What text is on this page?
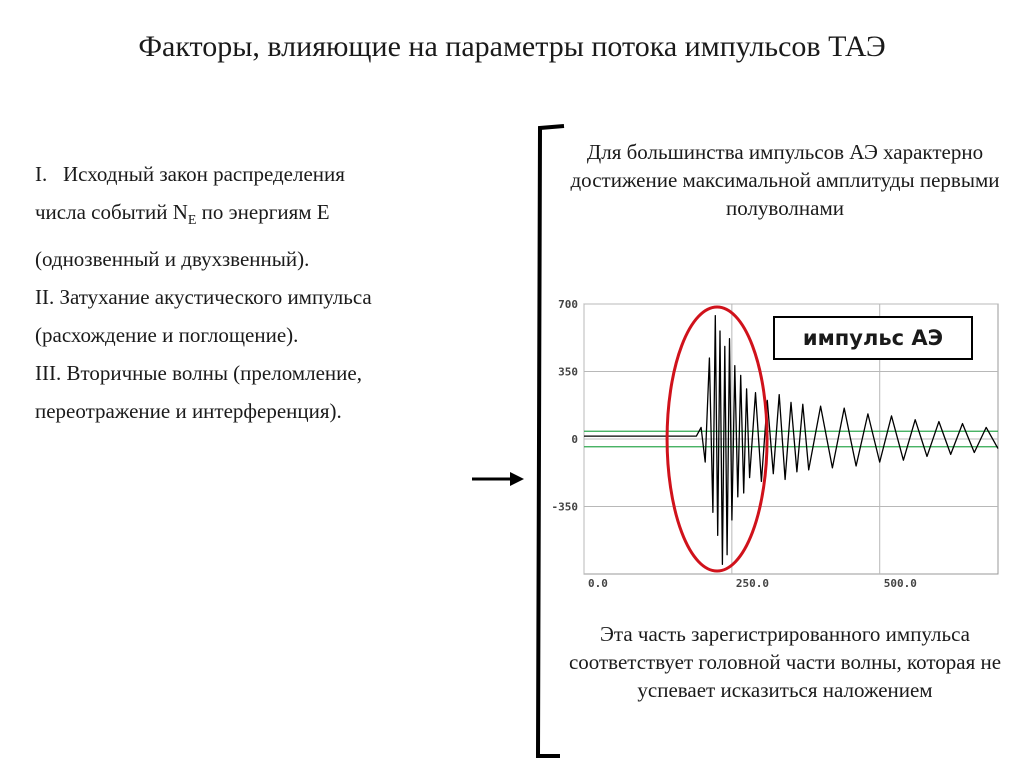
Факторы, влияющие на параметры потока импульсов ТАЭ
I. Исходный закон распределения
числа событий $N_E$ по энергиям Е
(однозвенный и двухзвенный).
II. Затухание акустического импульса
(расхождение и поглощение).
III. Вторичные волны (преломление,
переотражение и интерференция).
Для большинства импульсов АЭ характерно достижение максимальной амплитуды первыми полуволнами
700
350
0
-350
0.0	250.0	500.0
импульс АЭ
Эта часть зарегистрированного импульса соответствует головной части волны, которая не успевает исказиться наложением
